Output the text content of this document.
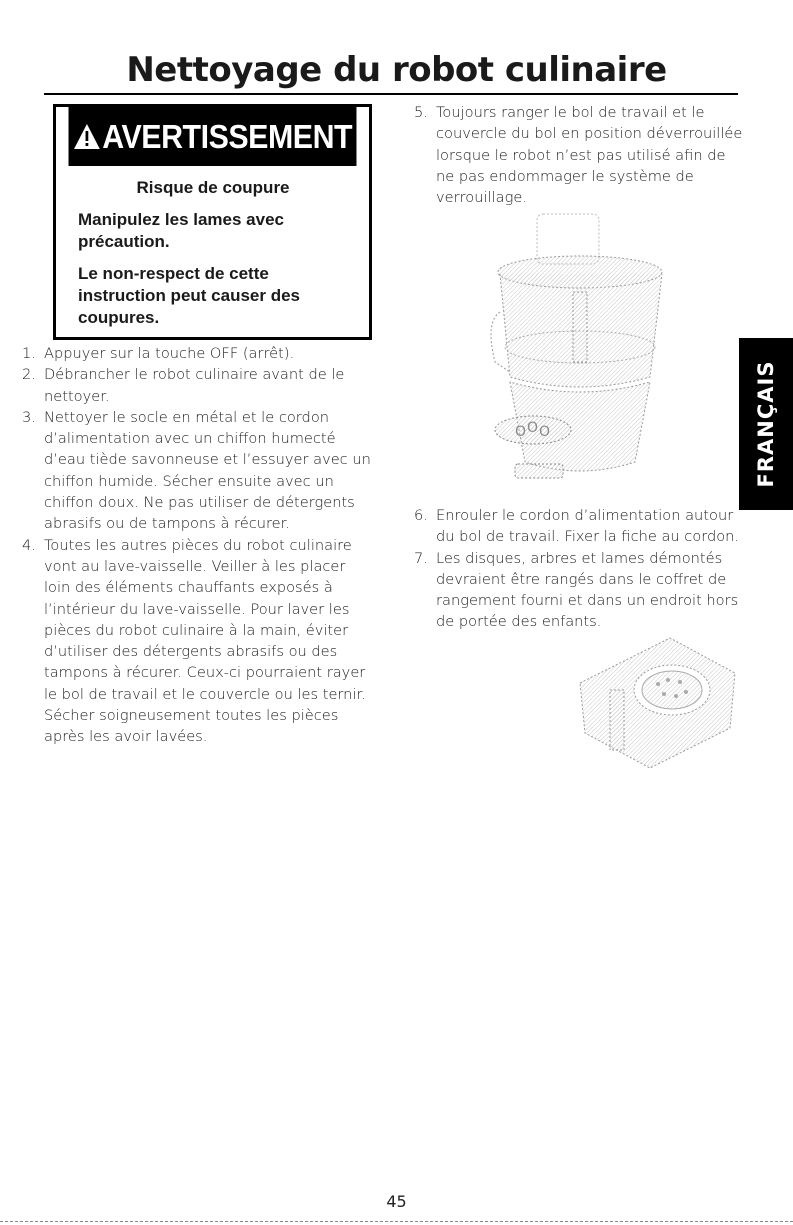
Nettoyage du robot culinaire
AVERTISSEMENT
Risque de coupure

Manipulez les lames avec précaution.

Le non-respect de cette instruction peut causer des coupures.

1. Appuyer sur la touche OFF (arrêt).
2. Débrancher le robot culinaire avant de le nettoyer.
3. Nettoyer le socle en métal et le cordon d’alimentation avec un chiffon humecté d’eau tiède savonneuse et l’essuyer avec un chiffon humide. Sécher ensuite avec un chiffon doux. Ne pas utiliser de détergents abrasifs ou de tampons à récurer.
4. Toutes les autres pièces du robot culinaire vont au lave-vaisselle. Veiller à les placer loin des éléments chauffants exposés à l’intérieur du lave-vaisselle. Pour laver les pièces du robot culinaire à la main, éviter d’utiliser des détergents abrasifs ou des tampons à récurer. Ceux-ci pourraient rayer le bol de travail et le couvercle ou les ternir. Sécher soigneusement toutes les pièces après les avoir lavées.
5. Toujours ranger le bol de travail et le couvercle du bol en position déverrouillée lorsque le robot n’est pas utilisé afin de ne pas endommager le système de verrouillage.
O O O
6. Enrouler le cordon d’alimentation autour du bol de travail. Fixer la fiche au cordon.
7. Les disques, arbres et lames démontés devraient être rangés dans le coffret de rangement fourni et dans un endroit hors de portée des enfants.
FRANÇAIS
45
